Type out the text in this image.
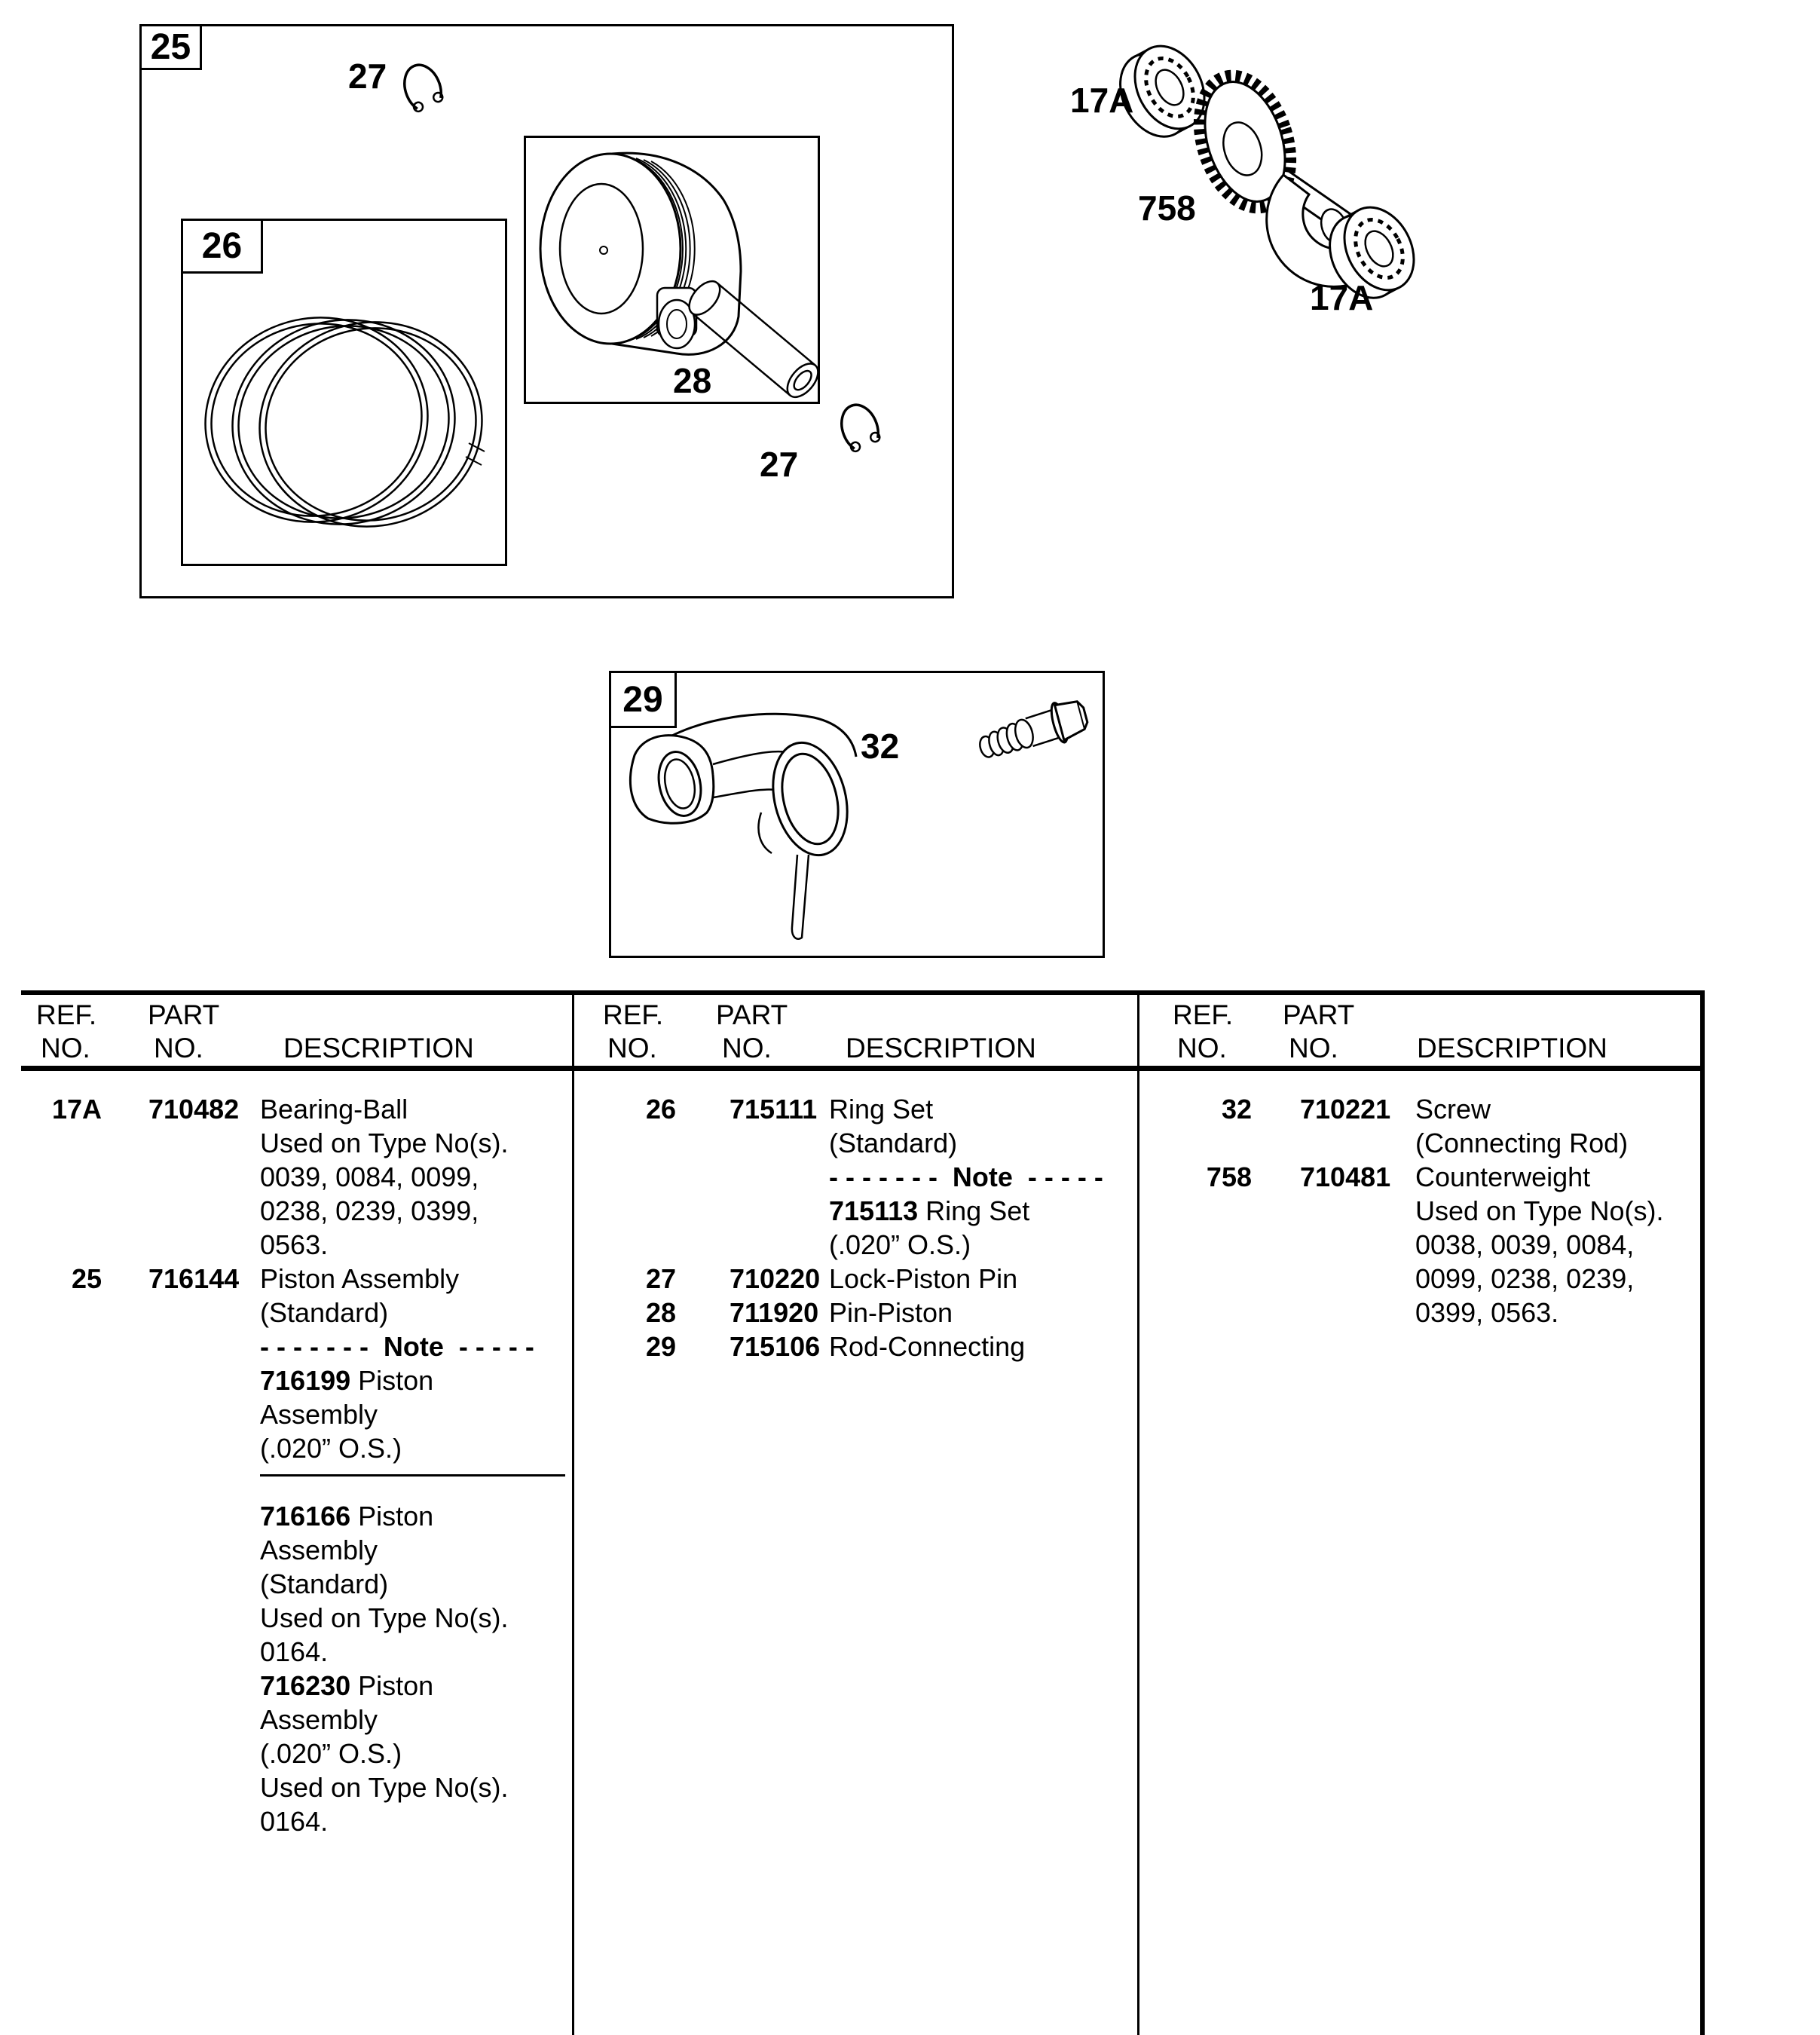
25
26
29
27
28
27
17A
758
17A
32
REF.
NO.
PART
NO.	DESCRIPTION
REF.
NO.
PART
NO.	DESCRIPTION
REF.
NO.
PART
NO.	DESCRIPTION
17A 710482 Bearing-Ball
Used on Type No(s).
0039, 0084, 0099,
0238, 0239, 0399,
0563.
25 716144 Piston Assembly
(Standard)
- - - - - - -  Note  - - - - -
716199 Piston
Assembly
(.020” O.S.)
716166 Piston
Assembly
(Standard)
Used on Type No(s).
0164.
716230 Piston
Assembly
(.020” O.S.)
Used on Type No(s).
0164.
26 715111 Ring Set
(Standard)
- - - - - - -  Note  - - - - -
715113 Ring Set
(.020” O.S.)
27 710220 Lock-Piston Pin
28 711920 Pin-Piston
29 715106 Rod-Connecting
32 710221 Screw
(Connecting Rod)
758 710481 Counterweight
Used on Type No(s).
0038, 0039, 0084,
0099, 0238, 0239,
0399, 0563.
